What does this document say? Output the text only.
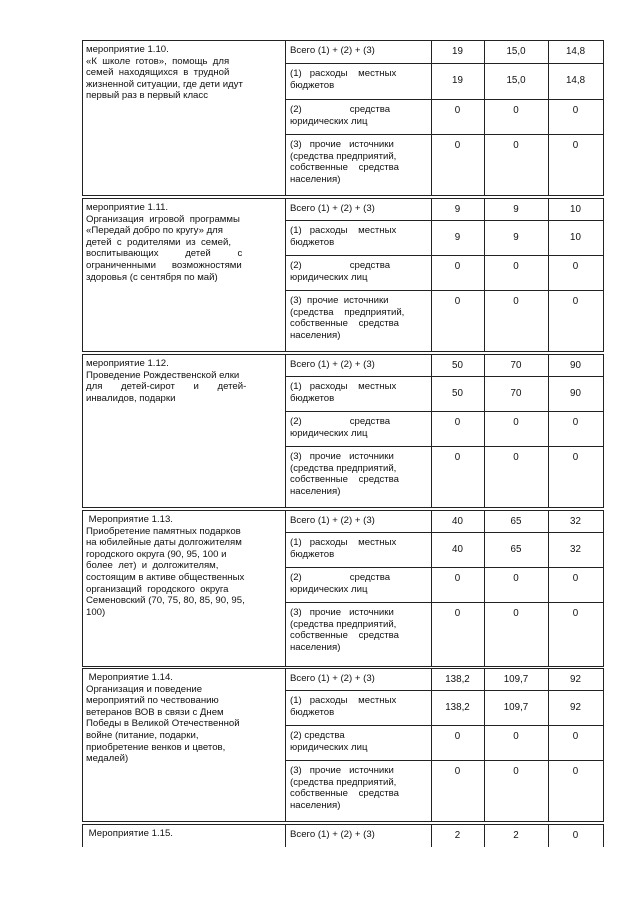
мероприятие 1.10.
«К  школе  готов»,  помощь  для
семей  находящихся  в  трудной
жизненной ситуации, где дети идут
первый раз в первый класс
Всего (1) + (2) + (3)	19	15,0	14,8
(1)   расходы    местных
бюджетов	19	15,0	14,8
(2)                  средства
юридических лиц
0	0	0
(3)   прочие   источники
(средства предприятий,
собственные    средства
населения)
0	0	0
мероприятие 1.11.
Организация  игровой  программы
«Передай добро по кругу» для
детей  с  родителями  из  семей,
воспитывающих          детей          с
ограниченными      возможностями
здоровья (с сентября по май)
Всего (1) + (2) + (3)	9	9	10
(1)   расходы    местных
бюджетов	9	9	10
(2)                  средства
юридических лиц
0	0	0
(3)  прочие  источники
(средства    предприятий,
собственные    средства
населения)
0	0	0
мероприятие 1.12.
Проведение Рождественской елки
для       детей-сирот       и       детей-
инвалидов, подарки
Всего (1) + (2) + (3)	50	70	90
(1)   расходы    местных
бюджетов	50	70	90
(2)                  средства
юридических лиц
0	0	0
(3)   прочие   источники
(средства предприятий,
собственные    средства
населения)
0	0	0
Мероприятие 1.13.
Приобретение памятных подарков
на юбилейные даты долгожителям
городского округа (90, 95, 100 и
более  лет)  и  долгожителям,
состоящим в активе общественных
организаций  городского  округа
Семеновский (70, 75, 80, 85, 90, 95,
100)
Всего (1) + (2) + (3)	40	65	32
(1)   расходы    местных
бюджетов	40	65	32
(2)                  средства
юридических лиц
0	0	0
(3)   прочие   источники
(средства предприятий,
собственные    средства
населения)
0	0	0
Мероприятие 1.14.
Организация и поведение
мероприятий по чествованию
ветеранов ВОВ в связи с Днем
Победы в Великой Отечественной
войне (питание, подарки,
приобретение венков и цветов,
медалей)
Всего (1) + (2) + (3)	138,2	109,7	92
(1)   расходы    местных
бюджетов	138,2	109,7	92
(2) средства
юридических лиц
0	0	0
(3)   прочие   источники
(средства предприятий,
собственные    средства
населения)
0	0	0
Мероприятие 1.15.	Всего (1) + (2) + (3)	2	2	0
